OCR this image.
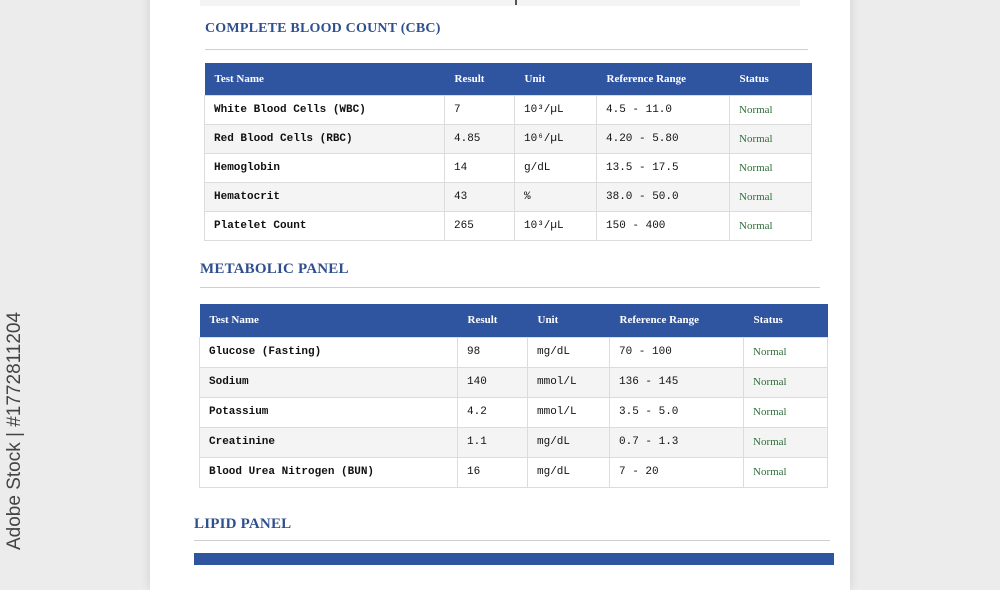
COMPLETE BLOOD COUNT (CBC)
Test Name	Result	Unit	Reference Range	Status
White Blood Cells (WBC)	7	10³/µL	4.5 - 11.0	Normal
Red Blood Cells (RBC)	4.85	10⁶/µL	4.20 - 5.80	Normal
Hemoglobin	14	g/dL	13.5 - 17.5	Normal
Hematocrit	43	%	38.0 - 50.0	Normal
Platelet Count	265	10³/µL	150 - 400	Normal
METABOLIC PANEL
Test Name	Result	Unit	Reference Range	Status
Glucose (Fasting)	98	mg/dL	70 - 100	Normal
Sodium	140	mmol/L	136 - 145	Normal
Potassium	4.2	mmol/L	3.5 - 5.0	Normal
Creatinine	1.1	mg/dL	0.7 - 1.3	Normal
Blood Urea Nitrogen (BUN)	16	mg/dL	7 - 20	Normal
LIPID PANEL
Adobe Stock | #1772811204
